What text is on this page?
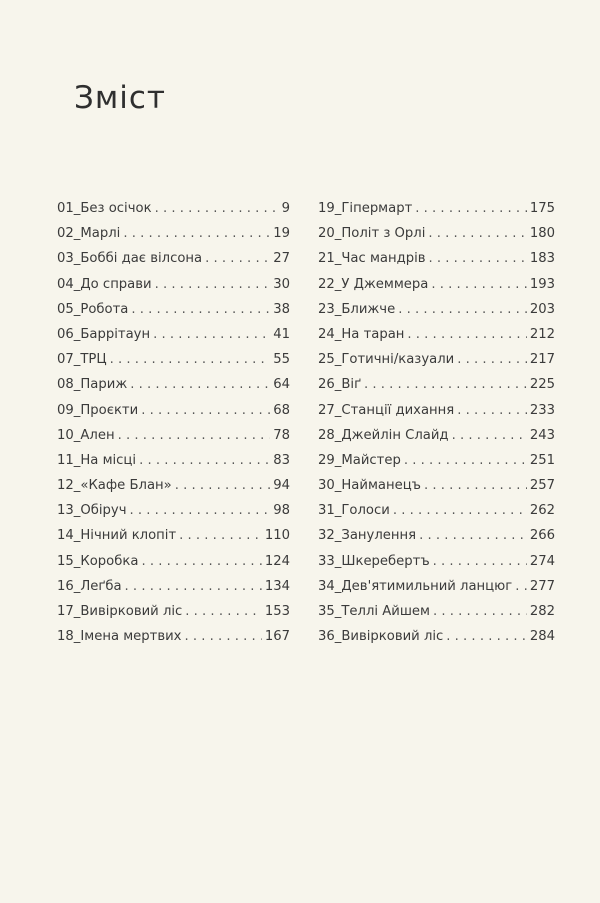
Зміст
01_Без осічок . . .	9
02_Марлі . . .	19
03_Боббі дає вілсона . . .	27
04_До справи . . .	30
05_Робота . . .	38
06_Баррітаун . . .	41
07_ТРЦ . . .	55
08_Париж . . .	64
09_Проєкти . . .	68
10_Ален . . .	78
11_На місці . . .	83
12_«Кафе Блан» . . .	94
13_Обіруч . . .	98
14_Нічний клопіт . . .	110
15_Коробка . . .	124
16_Леґба . . .	134
17_Вивірковий ліс . . .	153
18_Імена мертвих . . .	167
19_Гіпермарт . . .	175
20_Політ з Орлі . . .	180
21_Час мандрів . . .	183
22_У Джеммера . . .	193
23_Ближче . . .	203
24_На таран . . .	212
25_Готичні/казуали . . .	217
26_Віґ . . .	225
27_Станції дихання . . .	233
28_Джейлін Слайд . . .	243
29_Майстер . . .	251
30_Найманецъ . . .	257
31_Голоси . . .	262
32_Занулення . . .	266
33_Шкеребертъ . . .	274
34_Дев'ятимильний ланцюг . . . 277
35_Теллі Айшем . . .	282
36_Вивірковий ліс . . .	284
